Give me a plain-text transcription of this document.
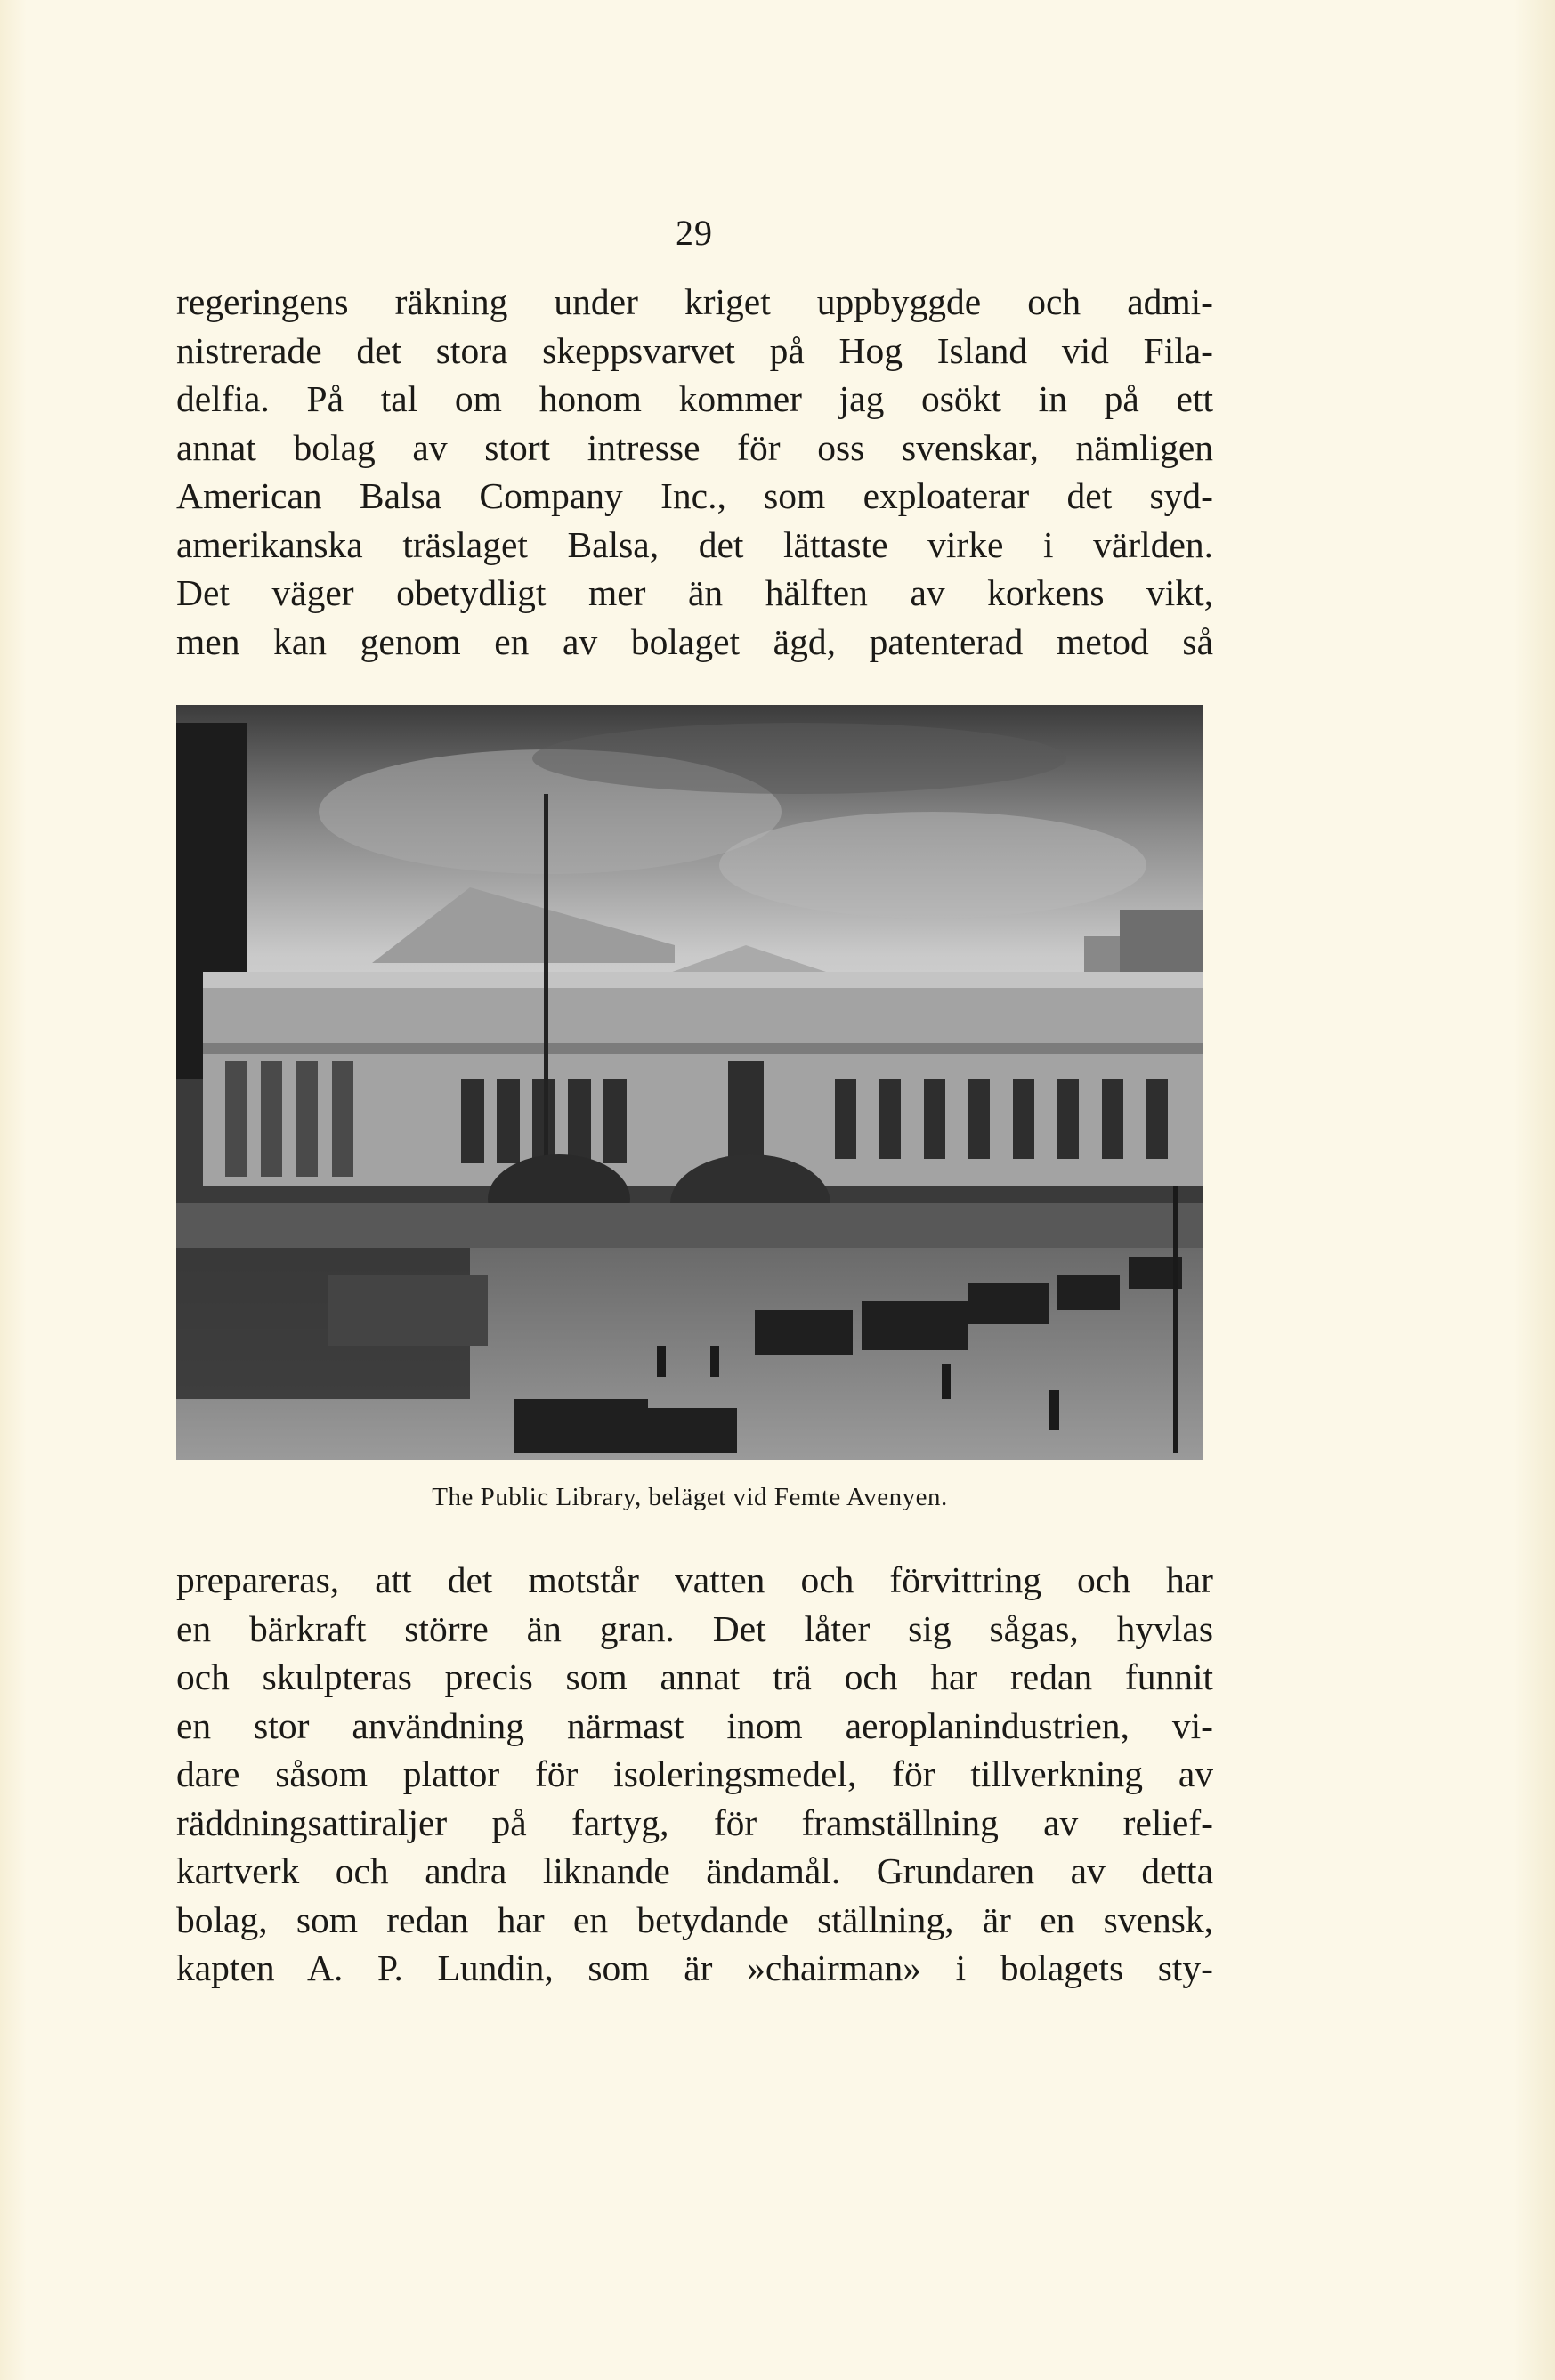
29
regeringens räkning under kriget uppbyggde och admi-
nistrerade det stora skeppsvarvet på Hog Island vid Fila-
delfia. På tal om honom kommer jag osökt in på ett
annat bolag av stort intresse för oss svenskar, nämligen
American Balsa Company Inc., som exploaterar det syd-
amerikanska träslaget Balsa, det lättaste virke i världen.
Det väger obetydligt mer än hälften av korkens vikt,
men kan genom en av bolaget ägd, patenterad metod så
The Public Library, beläget vid Femte Avenyen.
prepareras, att det motstår vatten och förvittring och har
en bärkraft större än gran. Det låter sig sågas, hyvlas
och skulpteras precis som annat trä och har redan funnit
en stor användning närmast inom aeroplanindustrien, vi-
dare såsom plattor för isoleringsmedel, för tillverkning av
räddningsattiraljer på fartyg, för framställning av relief-
kartverk och andra liknande ändamål. Grundaren av detta
bolag, som redan har en betydande ställning, är en svensk,
kapten A. P. Lundin, som är »chairman» i bolagets sty-
